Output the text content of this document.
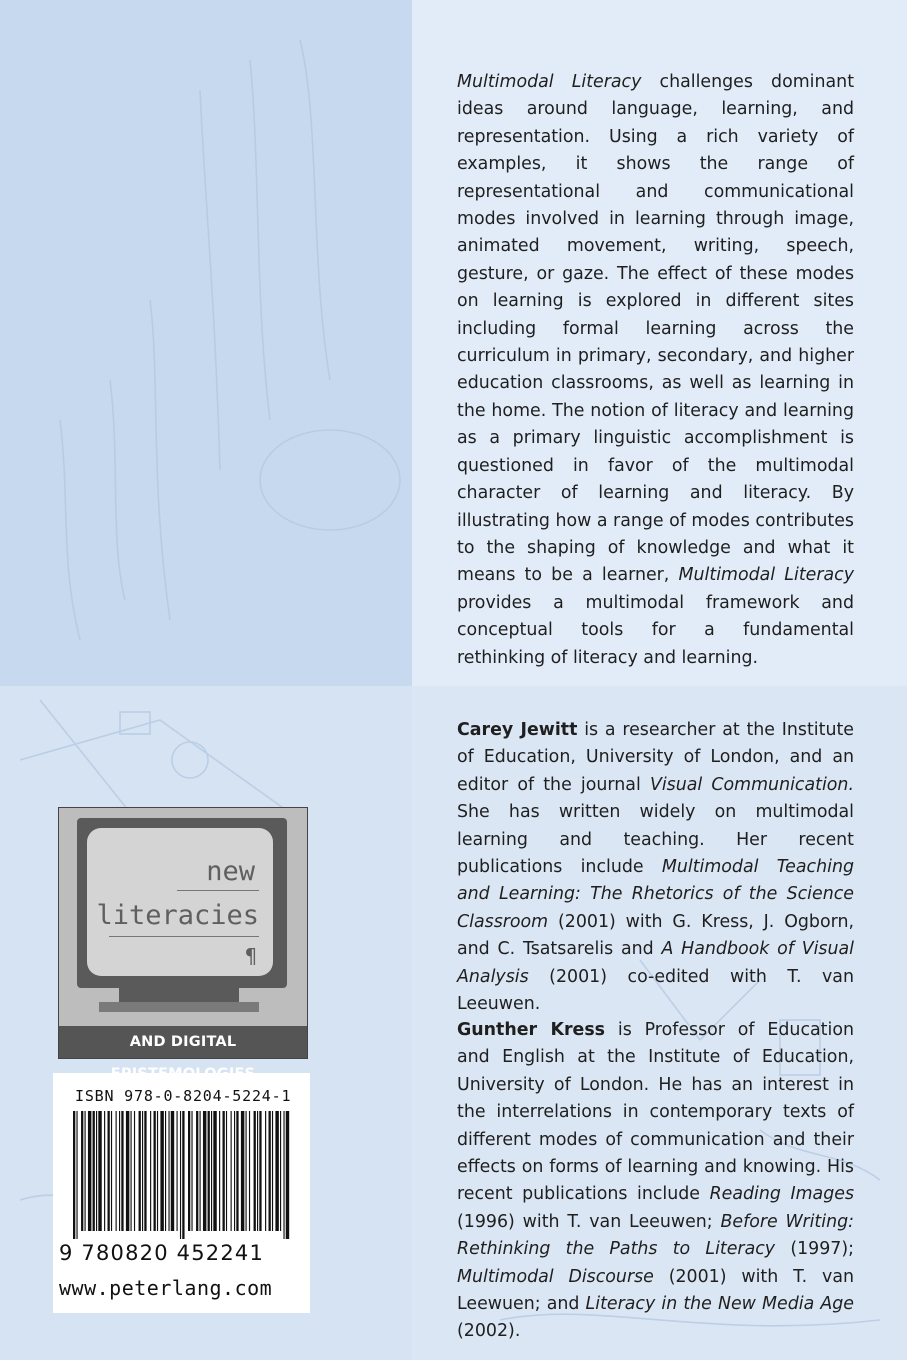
Multimodal Literacy challenges dominant ideas around language, learning, and representation. Using a rich variety of examples, it shows the range of representational and communicational modes involved in learning through image, animated movement, writing, speech, gesture, or gaze. The effect of these modes on learning is explored in different sites including formal learning across the curriculum in primary, secondary, and higher education classrooms, as well as learning in the home. The notion of literacy and learning as a primary linguistic accomplishment is questioned in favor of the multimodal character of learning and literacy. By illustrating how a range of modes contributes to the shaping of knowledge and what it means to be a learner, Multimodal Literacy provides a multimodal framework and conceptual tools for a fundamental rethinking of literacy and learning.
Carey Jewitt is a researcher at the Institute of Education, University of London, and an editor of the journal Visual Communication. She has written widely on multimodal learning and teaching. Her recent publications include Multimodal Teaching and Learning: The Rhetorics of the Science Classroom (2001) with G. Kress, J. Ogborn, and C. Tsatsarelis and A Handbook of Visual Analysis (2001) co-edited with T. van Leeuwen.
Gunther Kress is Professor of Education and English at the Institute of Education, University of London. He has an interest in the interrelations in contemporary texts of different modes of communication and their effects on forms of learning and knowing. His recent publications include Reading Images (1996) with T. van Leeuwen; Before Writing: Rethinking the Paths to Literacy (1997); Multimodal Discourse (2001) with T. van Leewuen; and Literacy in the New Media Age (2002).
new
literacies
¶
AND DIGITAL
ISBN 978-0-8204-5224-1
9 780820 452241
www.peterlang.com
